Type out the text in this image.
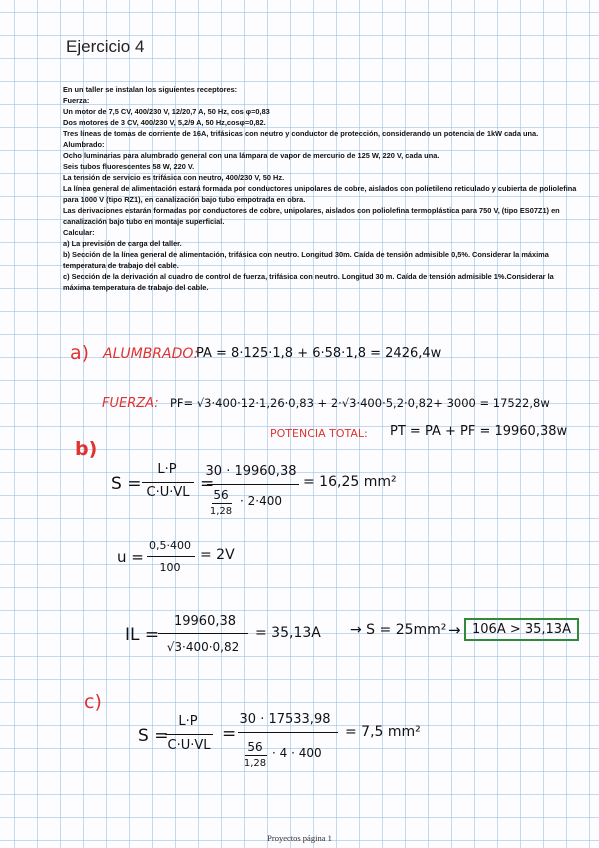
Ejercicio 4
En un taller se instalan los siguientes receptores:
Fuerza:
Un motor de 7,5 CV, 400/230 V, 12/20,7 A, 50 Hz, cos φ=0,83
Dos motores de 3 CV, 400/230 V, 5,2/9 A, 50 Hz,cosφ=0,82.
Tres líneas de tomas de corriente de 16A, trifásicas con neutro y conductor de protección, considerando un potencia de 1kW cada una.
Alumbrado:
Ocho luminarias para alumbrado general con una lámpara de vapor de mercurio de 125 W, 220 V, cada una.
Seis tubos fluorescentes 58 W, 220 V.
La tensión de servicio es trifásica con neutro, 400/230 V, 50 Hz.
La línea general de alimentación estará formada por conductores unipolares de cobre, aislados con polietileno reticulado y cubierta de poliolefina para 1000 V (tipo RZ1), en canalización bajo tubo empotrada en obra.
Las derivaciones estarán formadas por conductores de cobre, unipolares, aislados con poliolefina termoplástica para 750 V, (tipo ES07Z1) en canalización bajo tubo en montaje superficial.
Calcular:
a) La previsión de carga del taller.
b) Sección de la línea general de alimentación, trifásica con neutro. Longitud 30m. Caída de tensión admisible 0,5%. Considerar la máxima temperatura de trabajo del cable.
c) Sección de la derivación al cuadro de control de fuerza, trifásica con neutro. Longitud 30 m. Caída de tensión admisible 1%.Considerar la máxima temperatura de trabajo del cable.
a) ALUMBRADO:
PA = 8·125·1,8 + 6·58·1,8 = 2426,4w
FUERZA: PF= √3·400·12·1,26·0,83 + 2·√3·400·5,2·0,82+ 3000 = 17522,8w
POTENCIA TOTAL: PT = PA + PF = 19960,38w
b)
S =
L·P
C·U·VL =
30 · 19960,38
56
1,28
· 2·400
= 16,25 mm²
u =
0,5·400
100
= 2V
IL =
19960,38
√3·400·0,82
= 35,13A → S = 25mm² → 106A > 35,13A
c)
S =
L·P
C·U·VL
=
30 · 17533,98
56
1,28
· 4 · 400
= 7,5 mm²
Proyectos página 1
